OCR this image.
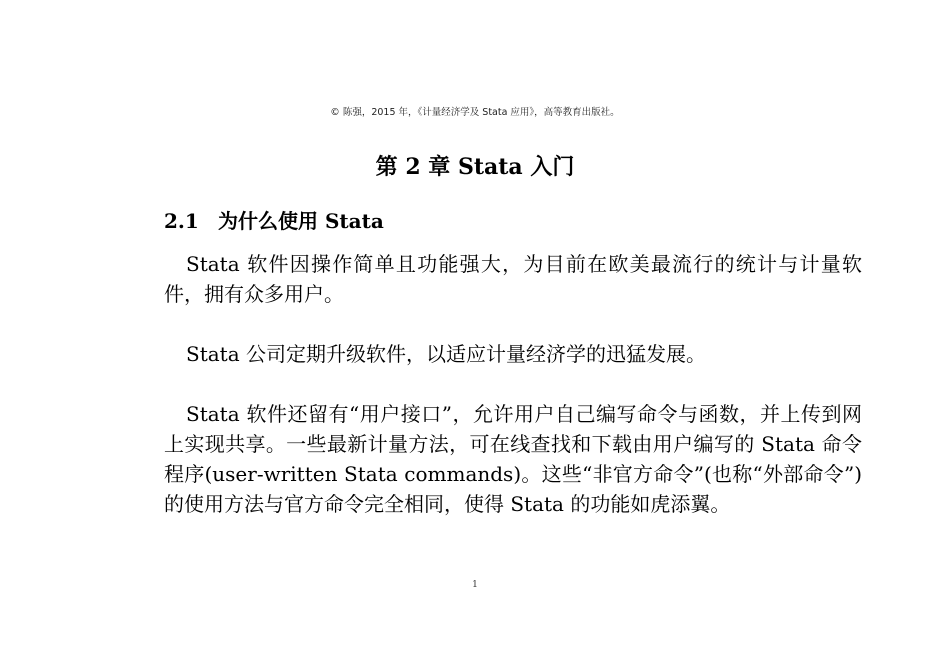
© 陈强，2015 年，《计量经济学及 Stata 应用》，高等教育出版社。
第 2 章 Stata 入门
2.1 为什么使用 Stata

Stata 软件因操作简单且功能强大，为目前在欧美最流行的统计与计量软件，拥有众多用户。

Stata 公司定期升级软件，以适应计量经济学的迅猛发展。

Stata 软件还留有“用户接口”，允许用户自己编写命令与函数，并上传到网上实现共享。一些最新计量方法，可在线查找和下载由用户编写的 Stata 命令程序(user-written Stata commands)。这些“非官方命令”(也称“外部命令”)的使用方法与官方命令完全相同，使得 Stata 的功能如虎添翼。

1
